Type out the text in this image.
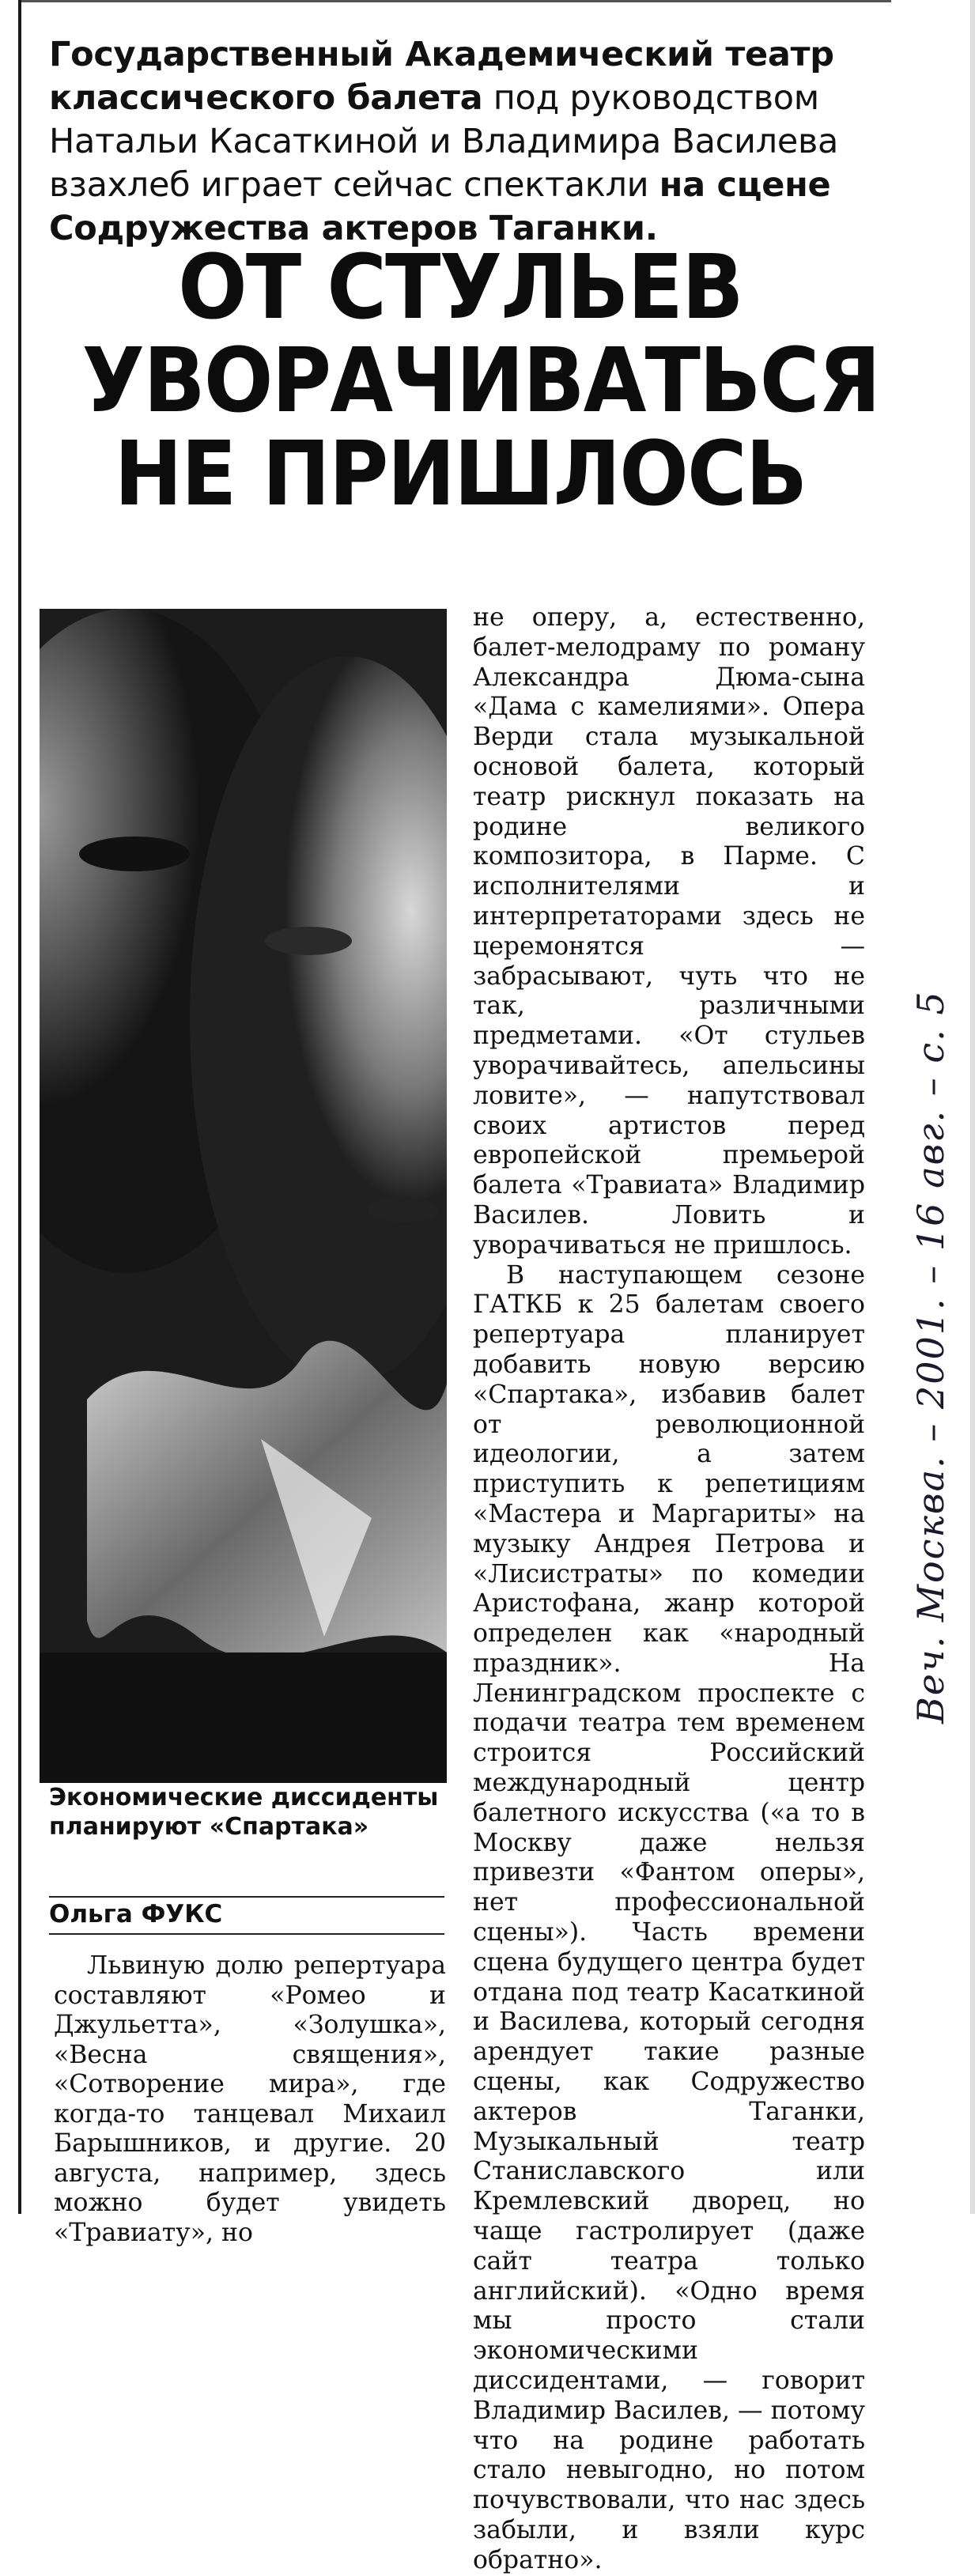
Государственный Академический театр классического балета под руководством Натальи Касаткиной и Владимира Василева взахлеб играет сейчас спектакли на сцене Содружества актеров Таганки.
ОТ СТУЛЬЕВ
УВОРАЧИВАТЬСЯ
НЕ ПРИШЛОСЬ
Экономические диссиденты планируют «Спартака»
Ольга ФУКС
Львиную долю репертуара составляют «Ромео и Джульетта», «Золушка», «Весна священия», «Сотворение мира», где когда-то танцевал Михаил Барышников, и другие. 20 августа, например, здесь можно будет увидеть «Травиату», но

не оперу, а, естественно, балет-мелодраму по роману Александра Дюма-сына «Дама с камелиями». Опера Верди стала музыкальной основой балета, который театр рискнул показать на родине великого композитора, в Парме. С исполнителями и интерпретаторами здесь не церемонятся — забрасывают, чуть что не так, различными предметами. «От стульев уворачивайтесь, апельсины ловите», — напутствовал своих артистов перед европейской премьерой балета «Травиата» Владимир Василев. Ловить и уворачиваться не пришлось.

В наступающем сезоне ГАТКБ к 25 балетам своего репертуара планирует добавить новую версию «Спартака», избавив балет от революционной идеологии, а затем приступить к репетициям «Мастера и Маргариты» на музыку Андрея Петрова и «Лисистраты» по комедии Аристофана, жанр которой определен как «народный праздник». На Ленинградском проспекте с подачи театра тем временем строится Российский международный центр балетного искусства («а то в Москву даже нельзя привезти «Фантом оперы», нет профессиональной сцены»). Часть времени сцена будущего центра будет отдана под театр Касаткиной и Василева, который сегодня арендует такие разные сцены, как Содружество актеров Таганки, Музыкальный театр Станиславского или Кремлевский дворец, но чаще гастролирует (даже сайт театра только английский). «Одно время мы просто стали экономическими диссидентами, — говорит Владимир Василев, — потому что на родине работать стало невыгодно, но потом почувствовали, что нас здесь забыли, и взяли курс обратно».

Веч. Москва. – 2001. – 16 авг. – с. 5
